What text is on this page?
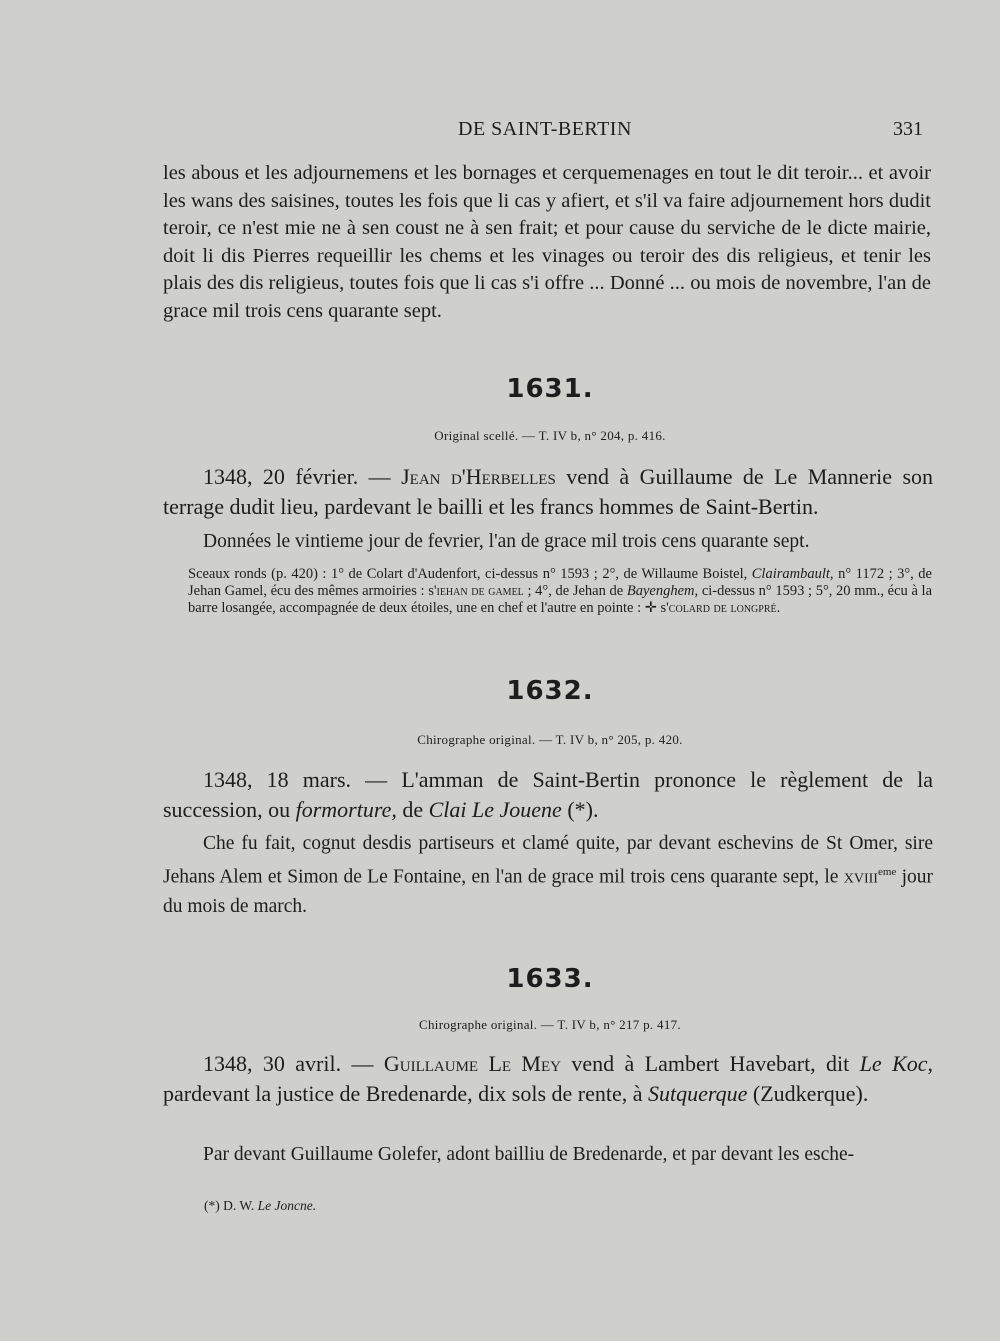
DE SAINT-BERTIN	331

les abous et les adjournemens et les bornages et cerquemenages en tout le dit teroir... et avoir les wans des saisines, toutes les fois que li cas y afiert, et s'il va faire adjournement hors dudit teroir, ce n'est mie ne à sen coust ne à sen frait; et pour cause du serviche de le dicte mairie, doit li dis Pierres requeillir les chems et les vinages ou teroir des dis religieus, et tenir les plais des dis religieus, toutes fois que li cas s'i offre ... Donné ... ou mois de novembre, l'an de grace mil trois cens quarante sept.

1631.
Original scellé. — T. IV b, n° 204, p. 416.

1348, 20 février. — Jean d'Herbelles vend à Guillaume de Le Mannerie son terrage dudit lieu, pardevant le bailli et les francs hommes de Saint-Bertin.

Données le vintieme jour de fevrier, l'an de grace mil trois cens quarante sept.

Sceaux ronds (p. 420) : 1° de Colart d'Audenfort, ci-dessus n° 1593 ; 2°, de Willaume Boistel, Clairambault, n° 1172 ; 3°, de Jehan Gamel, écu des mêmes armoiries : s'iehan de gamel ; 4°, de Jehan de Bayenghem, ci-dessus n° 1593 ; 5°, 20 mm., écu à la barre losangée, accompagnée de deux étoiles, une en chef et l'autre en pointe : ✛ s'colard de longpré.

1632.
Chirographe original. — T. IV b, n° 205, p. 420.

1348, 18 mars. — L'amman de Saint-Bertin prononce le règlement de la succession, ou formorture, de Clai Le Jouene (*).

Che fu fait, cognut desdis partiseurs et clamé quite, par devant eschevins de St Omer, sire Jehans Alem et Simon de Le Fontaine, en l'an de grace mil trois cens quarante sept, le xviii$^{eme}$ jour du mois de march.

1633.
Chirographe original. — T. IV b, n° 217 p. 417.

1348, 30 avril. — Guillaume Le Mey vend à Lambert Havebart, dit Le Koc, pardevant la justice de Bredenarde, dix sols de rente, à Sutquerque (Zudkerque).

Par devant Guillaume Golefer, adont bailliu de Bredenarde, et par devant les esche-

(*) D. W. Le Joncne.
